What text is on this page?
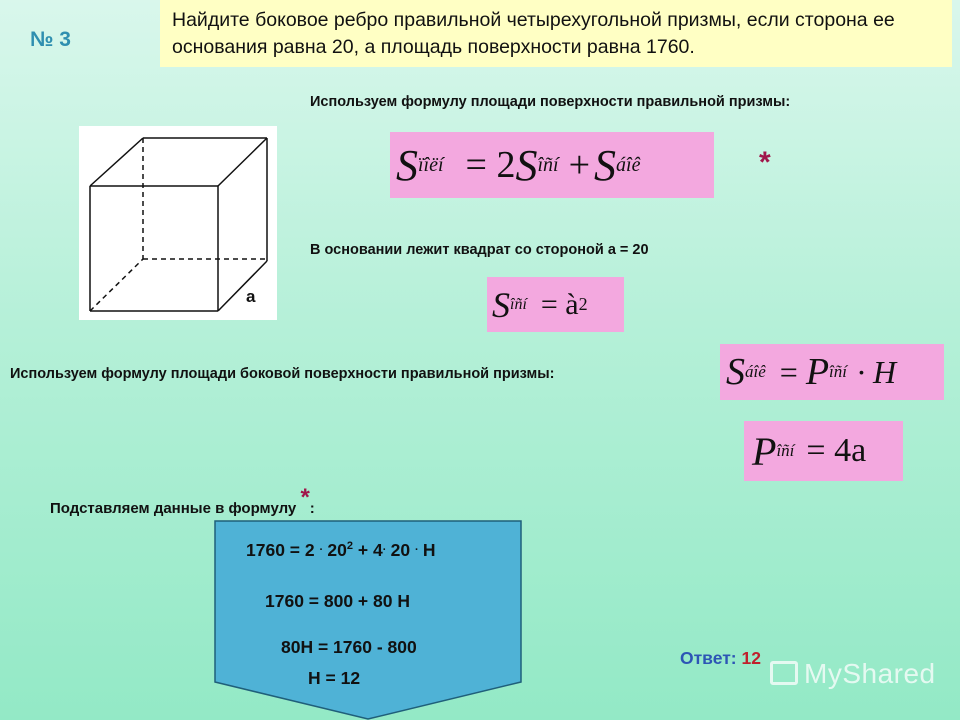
№ 3
Найдите боковое ребро правильной четырехугольной призмы, если сторона ее основания равна 20, а площадь поверхности равна 1760.
a
Используем формулу площади поверхности правильной призмы:
S ïîëí = 2 S îñí + S áîê	*
В основании лежит квадрат со стороной а = 20
S îñí = à 2
Используем формулу площади боковой поверхности правильной призмы:	S áîê = P îñí · H
P îñí = 4a
Подставляем данные в формулу *:
1760 = 2 . $20^2 + 4^.$ 20 . H
1760 = 800 + 80 H
80H = 1760 - 800
H = 12
Ответ: 12	MyShared
